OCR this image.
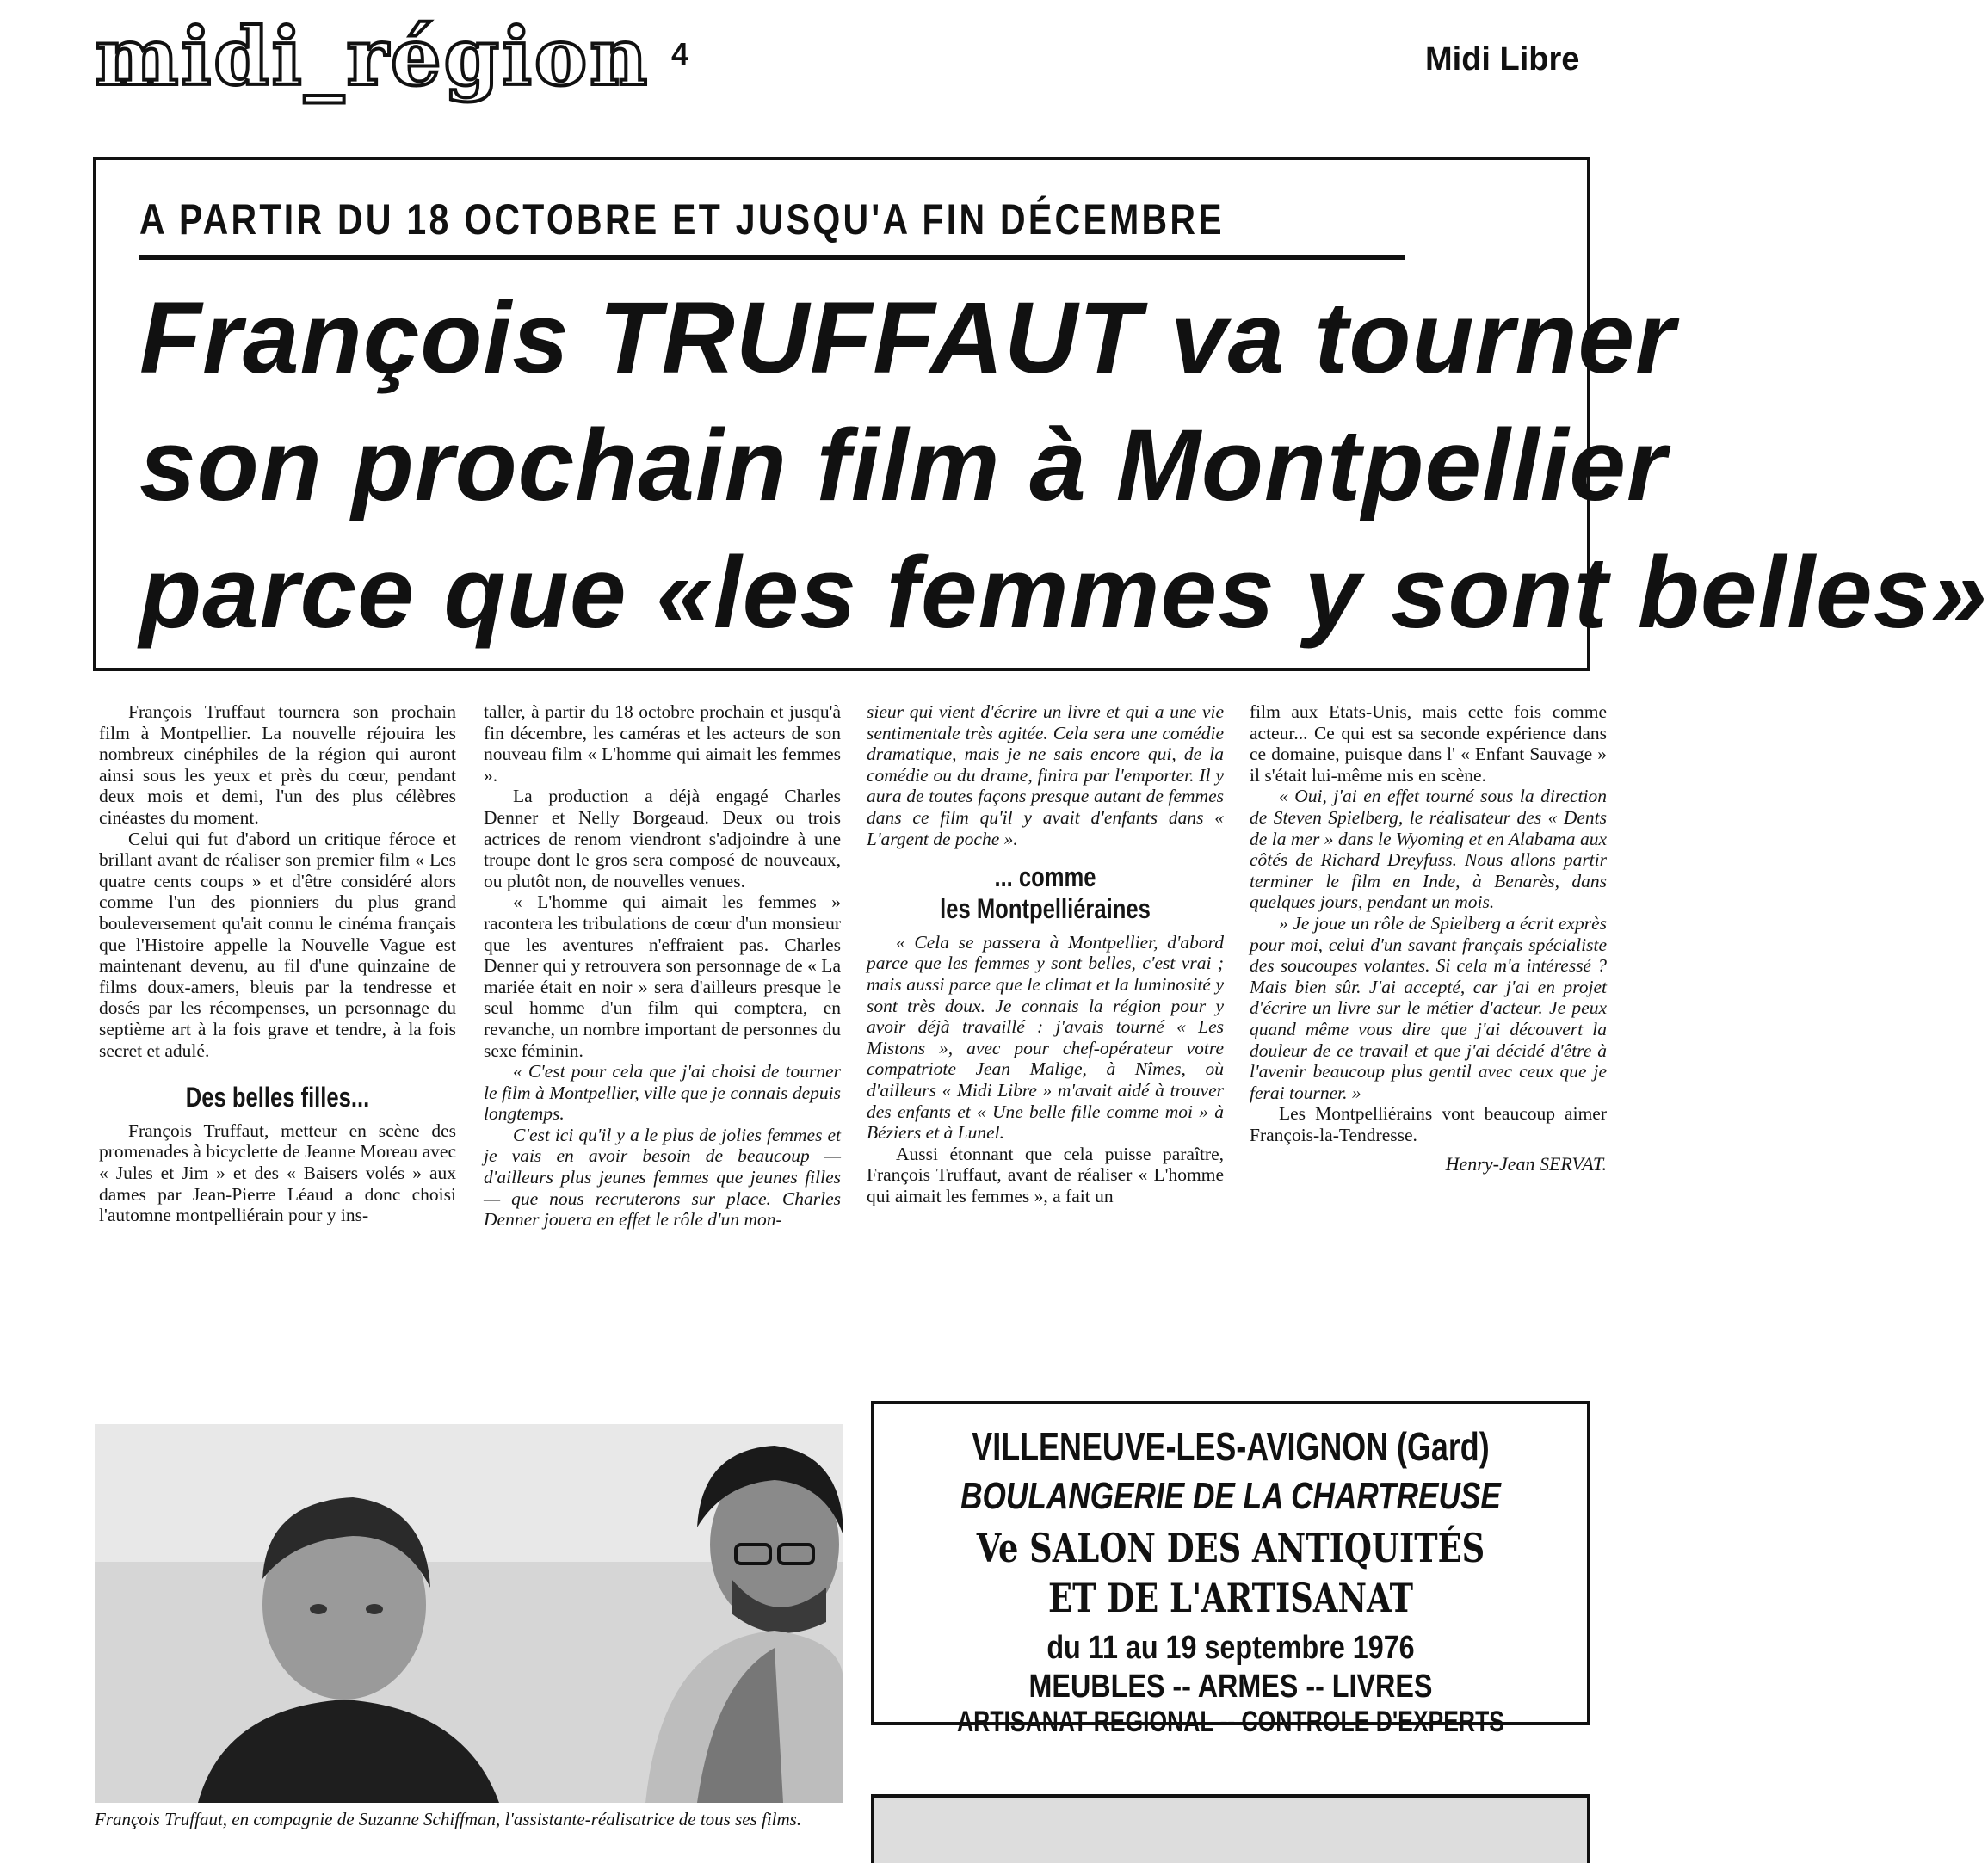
midi_région 4	Midi Libre
A PARTIR DU 18 OCTOBRE ET JUSQU'A FIN DÉCEMBRE
François TRUFFAUT va tourner
son prochain film à Montpellier
parce que «les femmes y sont belles»

François Truffaut tournera son prochain film à Montpellier. La nouvelle réjouira les nombreux cinéphiles de la région qui auront ainsi sous les yeux et près du cœur, pendant deux mois et demi, l'un des plus célèbres cinéastes du moment.

Celui qui fut d'abord un critique féroce et brillant avant de réaliser son premier film « Les quatre cents coups » et d'être considéré alors comme l'un des pionniers du plus grand bouleversement qu'ait connu le cinéma français que l'Histoire appelle la Nouvelle Vague est maintenant devenu, au fil d'une quinzaine de films doux-amers, bleuis par la tendresse et dosés par les récompenses, un personnage du septième art à la fois grave et tendre, à la fois secret et adulé.

Des belles filles...

François Truffaut, metteur en scène des promenades à bicyclette de Jeanne Moreau avec « Jules et Jim » et des « Baisers volés » aux dames par Jean-Pierre Léaud a donc choisi l'automne montpelliérain pour y ins-

taller, à partir du 18 octobre prochain et jusqu'à fin décembre, les caméras et les acteurs de son nouveau film « L'homme qui aimait les femmes ».

La production a déjà engagé Charles Denner et Nelly Borgeaud. Deux ou trois actrices de renom viendront s'adjoindre à une troupe dont le gros sera composé de nouveaux, ou plutôt non, de nouvelles venues.

« L'homme qui aimait les femmes » racontera les tribulations de cœur d'un monsieur que les aventures n'effraient pas. Charles Denner qui y retrouvera son personnage de « La mariée était en noir » sera d'ailleurs presque le seul homme d'un film qui comptera, en revanche, un nombre important de personnes du sexe féminin.

« C'est pour cela que j'ai choisi de tourner le film à Montpellier, ville que je connais depuis longtemps.

C'est ici qu'il y a le plus de jolies femmes et je vais en avoir besoin de beaucoup — d'ailleurs plus jeunes femmes que jeunes filles — que nous recruterons sur place. Charles Denner jouera en effet le rôle d'un mon-

sieur qui vient d'écrire un livre et qui a une vie sentimentale très agitée. Cela sera une comédie dramatique, mais je ne sais encore qui, de la comédie ou du drame, finira par l'emporter. Il y aura de toutes façons presque autant de femmes dans ce film qu'il y avait d'enfants dans « L'argent de poche ».

... comme
les Montpelliéraines

« Cela se passera à Montpellier, d'abord parce que les femmes y sont belles, c'est vrai ; mais aussi parce que le climat et la luminosité y sont très doux. Je connais la région pour y avoir déjà travaillé : j'avais tourné « Les Mistons », avec pour chef-opérateur votre compatriote Jean Malige, à Nîmes, où d'ailleurs « Midi Libre » m'avait aidé à trouver des enfants et « Une belle fille comme moi » à Béziers et à Lunel.

Aussi étonnant que cela puisse paraître, François Truffaut, avant de réaliser « L'homme qui aimait les femmes », a fait un

film aux Etats-Unis, mais cette fois comme acteur... Ce qui est sa seconde expérience dans ce domaine, puisque dans l' « Enfant Sauvage » il s'était lui-même mis en scène.

« Oui, j'ai en effet tourné sous la direction de Steven Spielberg, le réalisateur des « Dents de la mer » dans le Wyoming et en Alabama aux côtés de Richard Dreyfuss. Nous allons partir terminer le film en Inde, à Benarès, dans quelques jours, pendant un mois.

» Je joue un rôle de Spielberg a écrit exprès pour moi, celui d'un savant français spécialiste des soucoupes volantes. Si cela m'a intéressé ? Mais bien sûr. J'ai accepté, car j'ai en projet d'écrire un livre sur le métier d'acteur. Je peux quand même vous dire que j'ai découvert la douleur de ce travail et que j'ai décidé d'être à l'avenir beaucoup plus gentil avec ceux que je ferai tourner. »

Les Montpelliérains vont beaucoup aimer François-la-Tendresse.

Henry-Jean SERVAT.
François Truffaut, en compagnie de Suzanne Schiffman, l'assistante-réalisatrice de tous ses films.
VILLENEUVE-LES-AVIGNON (Gard)
BOULANGERIE DE LA CHARTREUSE
Ve SALON DES ANTIQUITÉS
ET DE L'ARTISANAT
du 11 au 19 septembre 1976
MEUBLES -- ARMES -- LIVRES
ARTISANAT REGIONAL -- CONTROLE D'EXPERTS
